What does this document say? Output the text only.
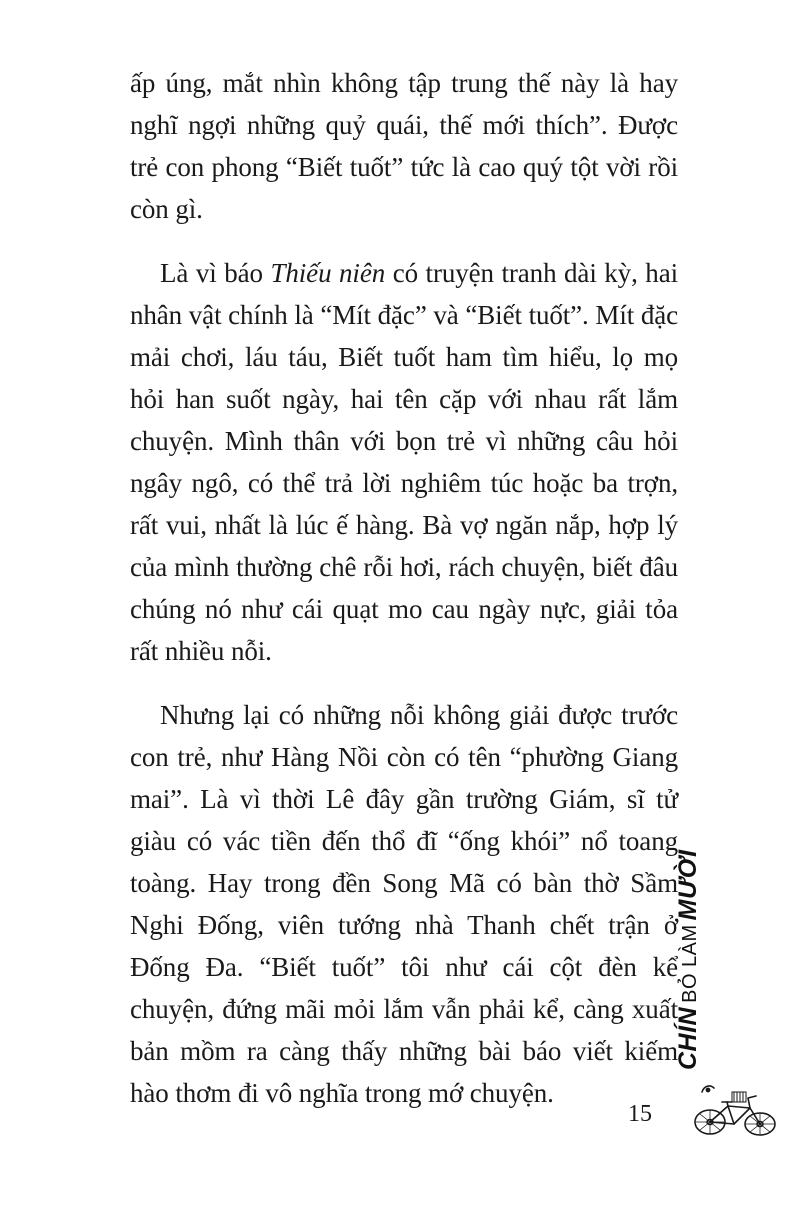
ấp úng, mắt nhìn không tập trung thế này là hay nghĩ ngợi những quỷ quái, thế mới thích”. Được trẻ con phong “Biết tuốt” tức là cao quý tột vời rồi còn gì.

Là vì báo Thiếu niên có truyện tranh dài kỳ, hai nhân vật chính là “Mít đặc” và “Biết tuốt”. Mít đặc mải chơi, láu táu, Biết tuốt ham tìm hiểu, lọ mọ hỏi han suốt ngày, hai tên cặp với nhau rất lắm chuyện. Mình thân với bọn trẻ vì những câu hỏi ngây ngô, có thể trả lời nghiêm túc hoặc ba trợn, rất vui, nhất là lúc ế hàng. Bà vợ ngăn nắp, hợp lý của mình thường chê rỗi hơi, rách chuyện, biết đâu chúng nó như cái quạt mo cau ngày nực, giải tỏa rất nhiều nỗi.

Nhưng lại có những nỗi không giải được trước con trẻ, như Hàng Nồi còn có tên “phường Giang mai”. Là vì thời Lê đây gần trường Giám, sĩ tử giàu có vác tiền đến thổ đĩ “ống khói” nổ toang toàng. Hay trong đền Song Mã có bàn thờ Sầm Nghi Đống, viên tướng nhà Thanh chết trận ở Đống Đa. “Biết tuốt” tôi như cái cột đèn kể chuyện, đứng mãi mỏi lắm vẫn phải kể, càng xuất bản mồm ra càng thấy những bài báo viết kiếm hào thơm đi vô nghĩa trong mớ chuyện.

CHÍN
BỎ LÀM
MƯỜI
15
